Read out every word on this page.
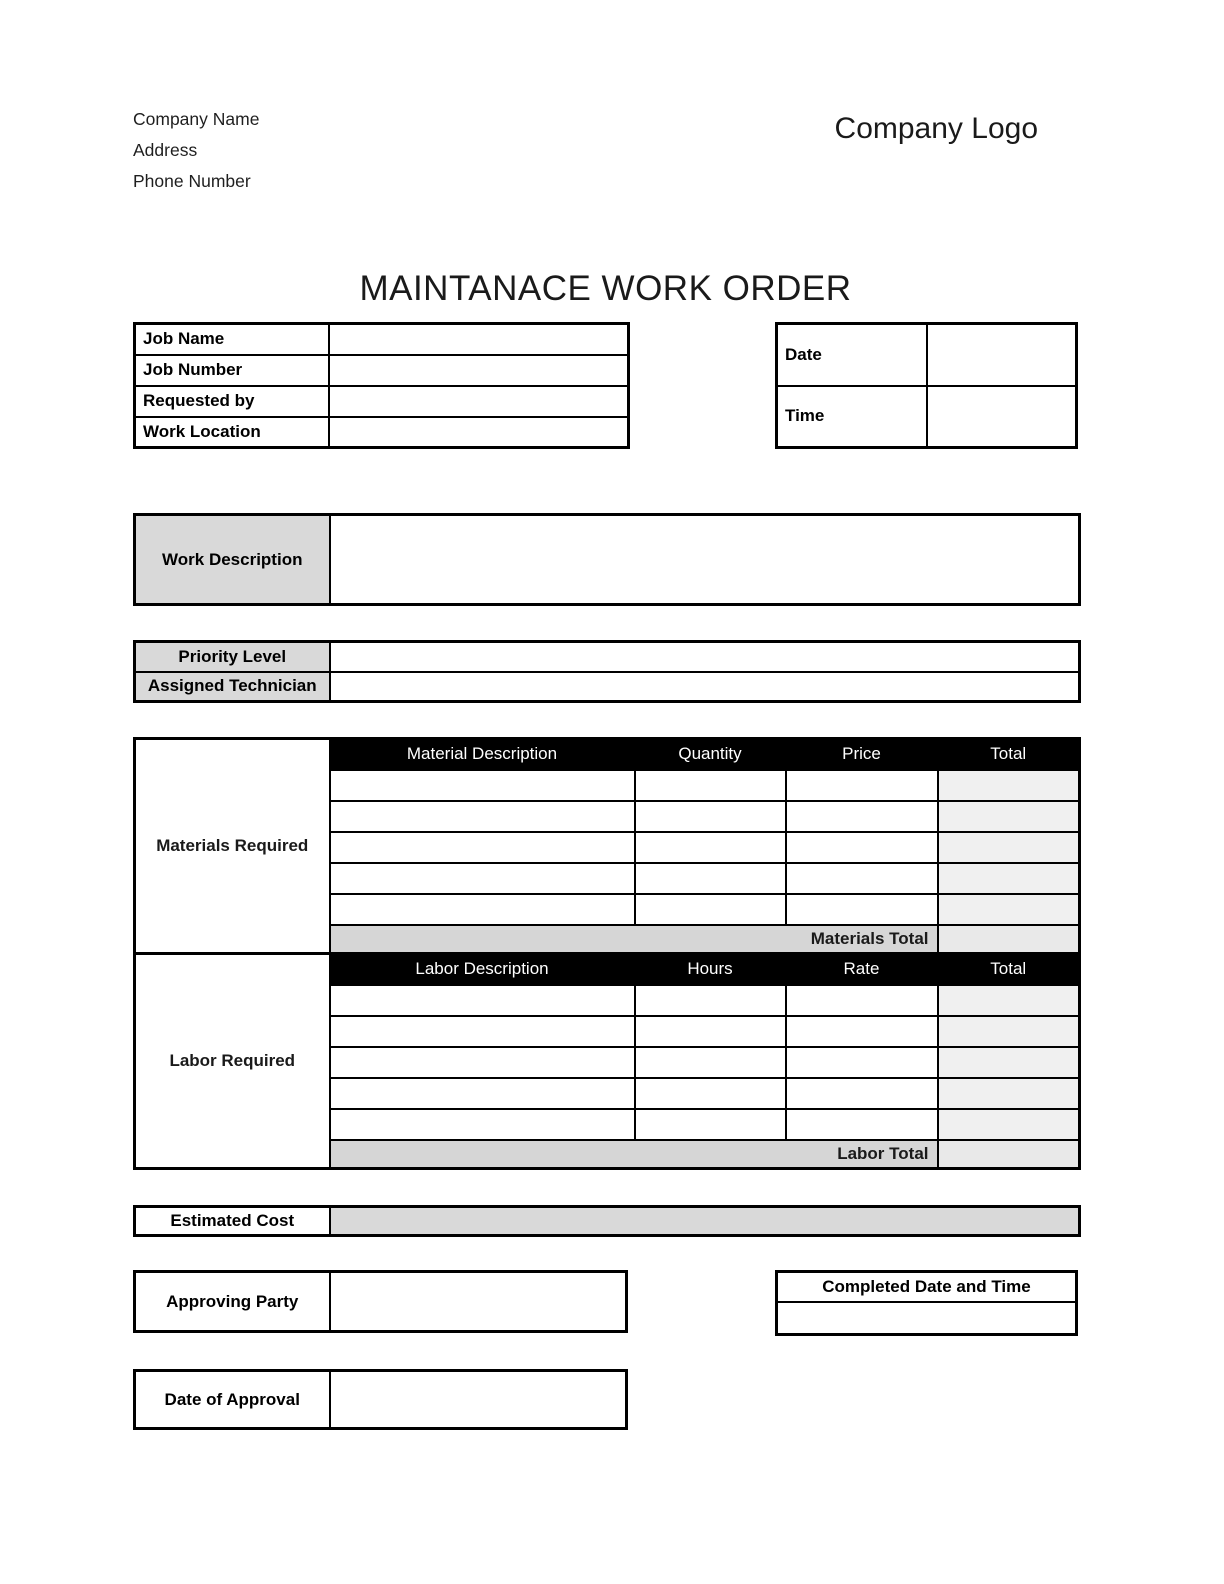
Company Name
Address
Phone Number
Company Logo
MAINTANACE WORK ORDER
Job Name	
Job Number	
Requested by	
Work Location	
Date	
Time	
Work Description	
Priority Level	
Assigned Technician	
Materials Required	Material Description	Quantity	Price	Total

	Materials Total			
Labor Required	Labor Description	Hours	Rate	Total

	Labor Total			
Estimated Cost	
Approving Party	
Completed Date and Time

Date of Approval	
